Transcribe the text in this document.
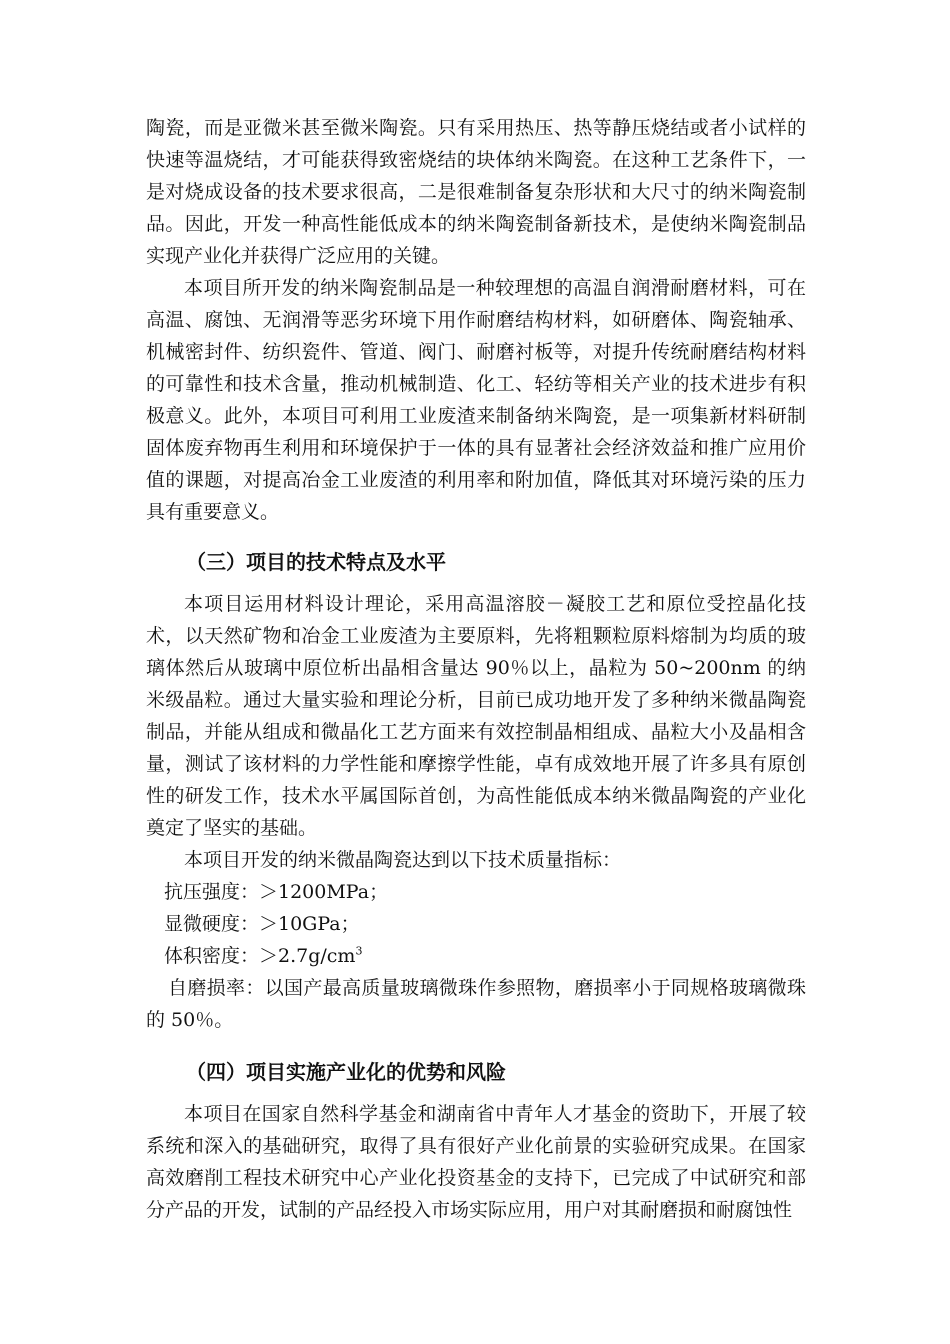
陶瓷，而是亚微米甚至微米陶瓷。只有采用热压、热等静压烧结或者小试样的快速等温烧结，才可能获得致密烧结的块体纳米陶瓷。在这种工艺条件下，一是对烧成设备的技术要求很高，二是很难制备复杂形状和大尺寸的纳米陶瓷制品。因此，开发一种高性能低成本的纳米陶瓷制备新技术，是使纳米陶瓷制品实现产业化并获得广泛应用的关键。

本项目所开发的纳米陶瓷制品是一种较理想的高温自润滑耐磨材料，可在高温、腐蚀、无润滑等恶劣环境下用作耐磨结构材料，如研磨体、陶瓷轴承、机械密封件、纺织瓷件、管道、阀门、耐磨衬板等，对提升传统耐磨结构材料的可靠性和技术含量，推动机械制造、化工、轻纺等相关产业的技术进步有积极意义。此外，本项目可利用工业废渣来制备纳米陶瓷，是一项集新材料研制固体废弃物再生利用和环境保护于一体的具有显著社会经济效益和推广应用价值的课题，对提高冶金工业废渣的利用率和附加值，降低其对环境污染的压力具有重要意义。

（三）项目的技术特点及水平

本项目运用材料设计理论，采用高温溶胶－凝胶工艺和原位受控晶化技术，以天然矿物和冶金工业废渣为主要原料，先将粗颗粒原料熔制为均质的玻璃体然后从玻璃中原位析出晶相含量达 90％以上，晶粒为 50~200nm 的纳米级晶粒。通过大量实验和理论分析，目前已成功地开发了多种纳米微晶陶瓷制品，并能从组成和微晶化工艺方面来有效控制晶相组成、晶粒大小及晶相含量，测试了该材料的力学性能和摩擦学性能，卓有成效地开展了许多具有原创性的研发工作，技术水平属国际首创，为高性能低成本纳米微晶陶瓷的产业化奠定了坚实的基础。

本项目开发的纳米微晶陶瓷达到以下技术质量指标：

抗压强度：＞1200MPa；

显微硬度：＞10GPa；

体积密度：$>2.7g/cm^3$

自磨损率：以国产最高质量玻璃微珠作参照物，磨损率小于同规格玻璃微珠的 50％。

（四）项目实施产业化的优势和风险

本项目在国家自然科学基金和湖南省中青年人才基金的资助下，开展了较系统和深入的基础研究，取得了具有很好产业化前景的实验研究成果。在国家高效磨削工程技术研究中心产业化投资基金的支持下，已完成了中试研究和部分产品的开发，试制的产品经投入市场实际应用，用户对其耐磨损和耐腐蚀性
